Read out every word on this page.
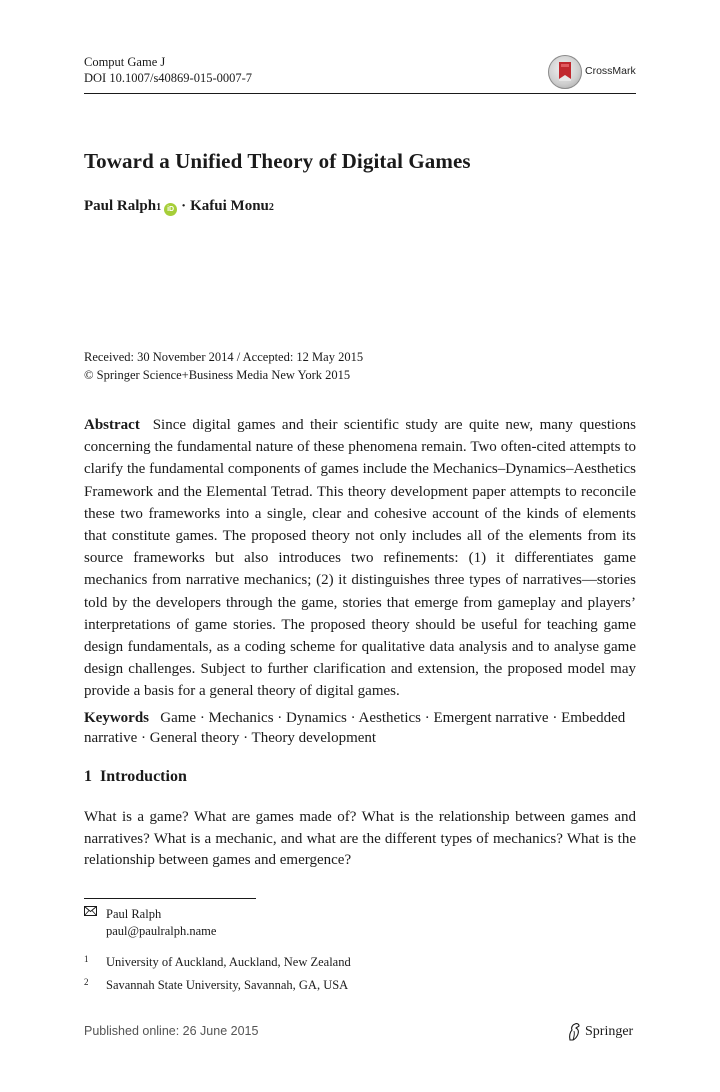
Comput Game J
DOI 10.1007/s40869-015-0007-7	CrossMark
Toward a Unified Theory of Digital Games
Paul Ralph 1 iD · Kafui Monu 2
Received: 30 November 2014 / Accepted: 12 May 2015
© Springer Science+Business Media New York 2015
Abstract Since digital games and their scientific study are quite new, many questions concerning the fundamental nature of these phenomena remain. Two often-cited attempts to clarify the fundamental components of games include the Mechanics–Dynamics–Aesthetics Framework and the Elemental Tetrad. This theory development paper attempts to reconcile these two frameworks into a single, clear and cohesive account of the kinds of elements that constitute games. The proposed theory not only includes all of the elements from its source frameworks but also introduces two refinements: (1) it differentiates game mechanics from narrative mechanics; (2) it distinguishes three types of narratives—stories told by the developers through the game, stories that emerge from gameplay and players’ interpretations of game stories. The proposed theory should be useful for teaching game design fundamentals, as a coding scheme for qualitative data analysis and to analyse game design challenges. Subject to further clarification and extension, the proposed model may provide a basis for a general theory of digital games.
Keywords Game · Mechanics · Dynamics · Aesthetics · Emergent narrative · Embedded narrative · General theory · Theory development
1 Introduction
What is a game? What are games made of? What is the relationship between games and narratives? What is a mechanic, and what are the different types of mechanics? What is the relationship between games and emergence?
Paul Ralph
paul@paulralph.name
1 University of Auckland, Auckland, New Zealand
2 Savannah State University, Savannah, GA, USA
Published online: 26 June 2015	Springer
